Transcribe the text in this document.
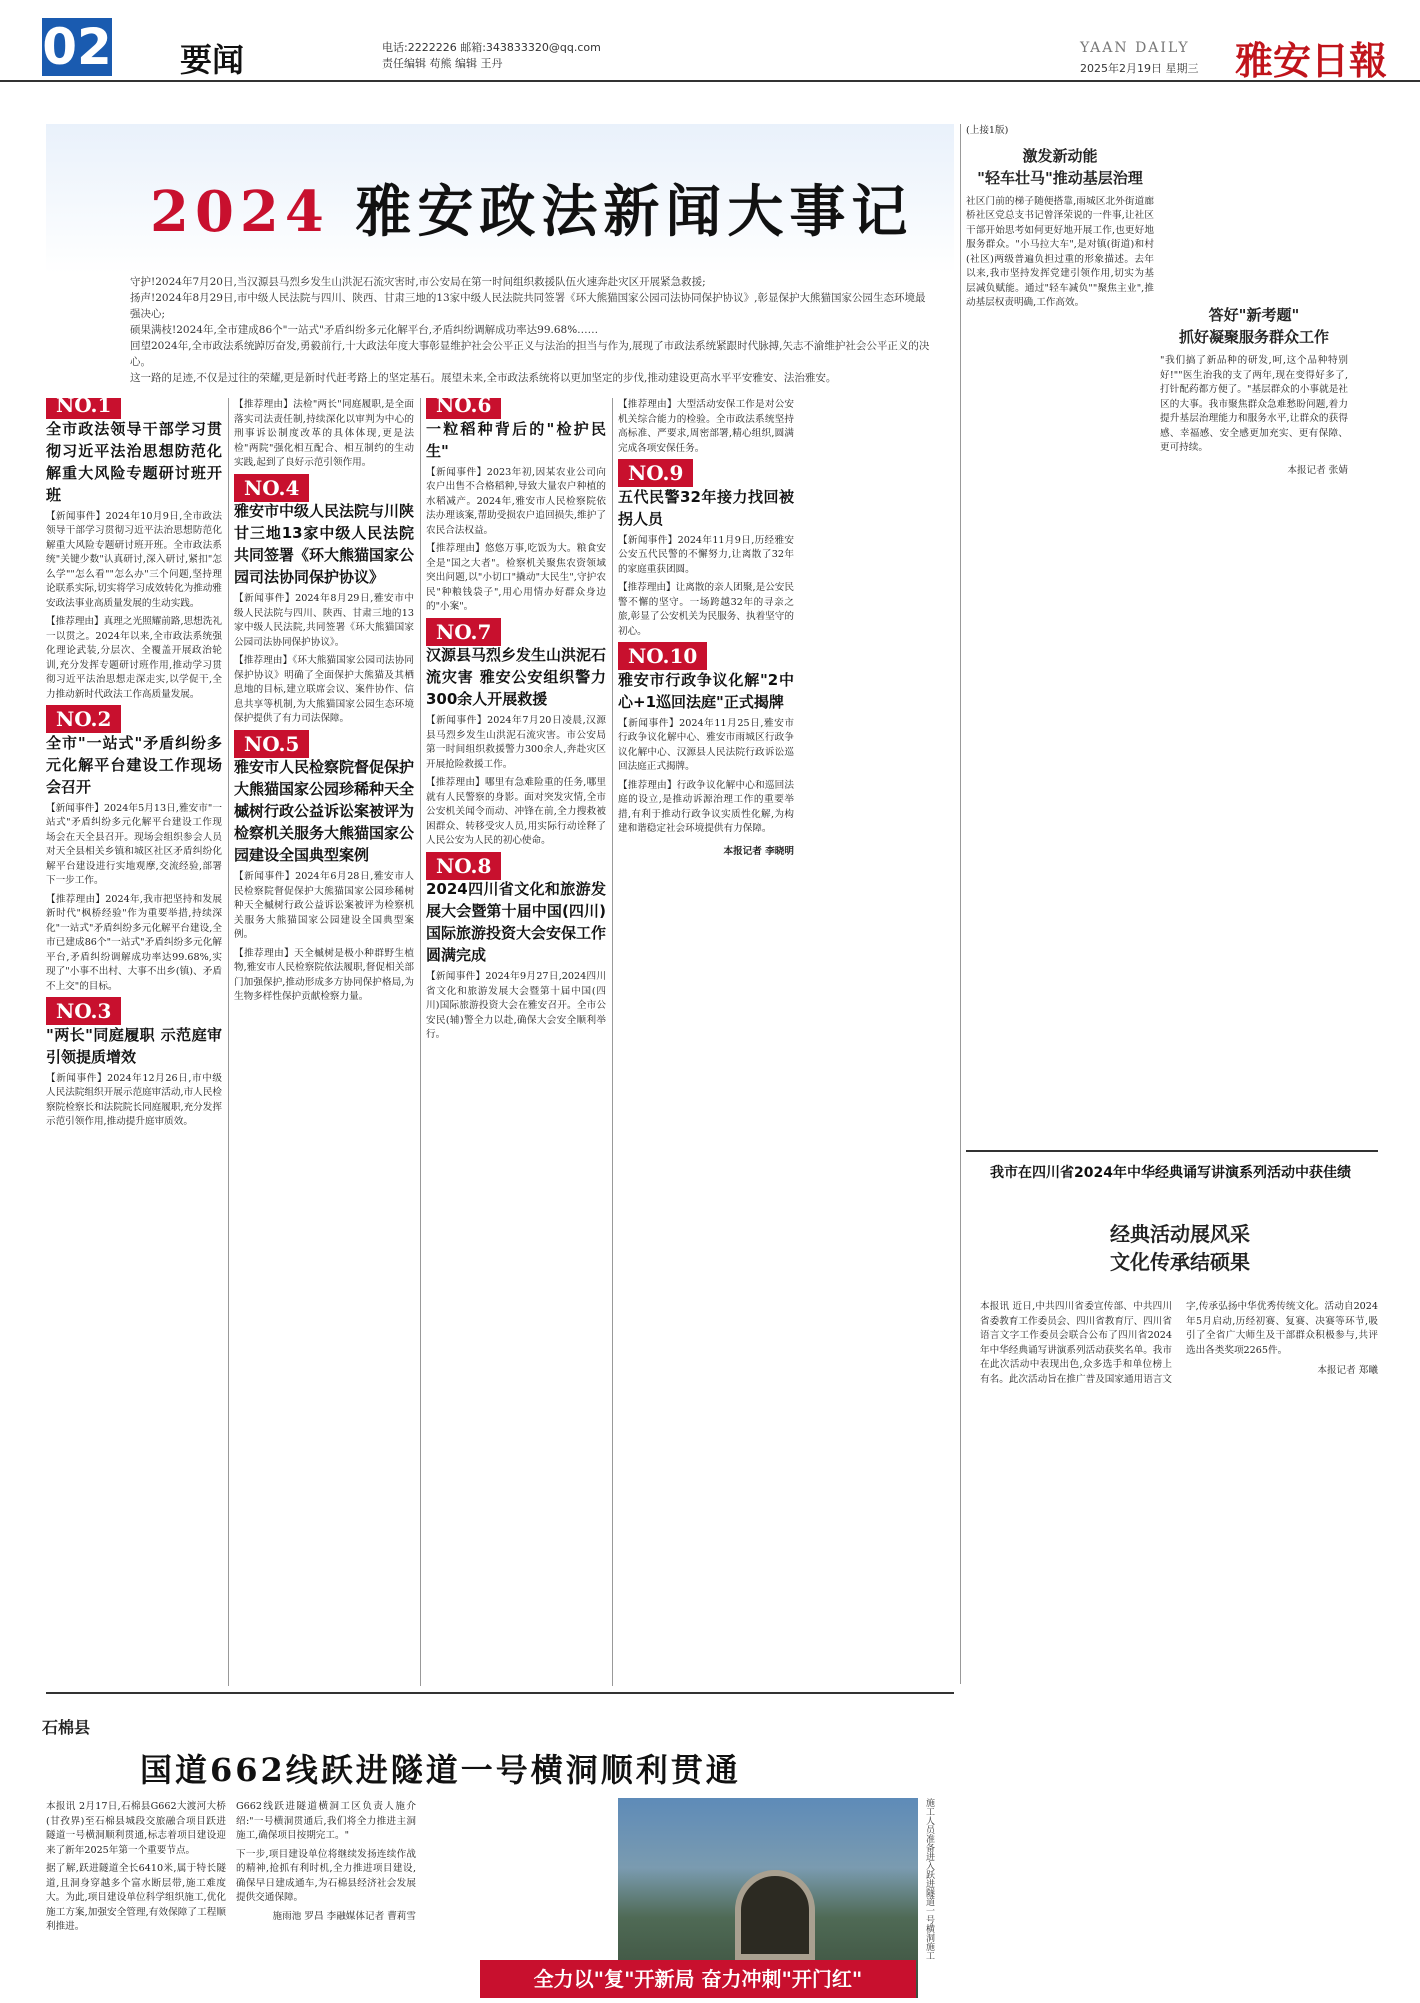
02 要闻	电话:2222226 邮箱:343833320@qq.com
责任编辑 苟熊 编辑 王丹
YAAN DAILY
2025年2月19日 星期三 雅安日報
2024 雅安政法新闻大事记

守护!2024年7月20日,当汉源县马烈乡发生山洪泥石流灾害时,市公安局在第一时间组织救援队伍火速奔赴灾区开展紧急救援;

扬声!2024年8月29日,市中级人民法院与四川、陕西、甘肃三地的13家中级人民法院共同签署《环大熊猫国家公园司法协同保护协议》,彰显保护大熊猫国家公园生态环境最强决心;

硕果满枝!2024年,全市建成86个"一站式"矛盾纠纷多元化解平台,矛盾纠纷调解成功率达99.68%……

回望2024年,全市政法系统踔厉奋发,勇毅前行,十大政法年度大事彰显维护社会公平正义与法治的担当与作为,展现了市政法系统紧跟时代脉搏,矢志不渝维护社会公平正义的决心。

这一路的足迹,不仅是过往的荣耀,更是新时代赶考路上的坚定基石。展望未来,全市政法系统将以更加坚定的步伐,推动建设更高水平平安雅安、法治雅安。

NO.1
全市政法领导干部学习贯彻习近平法治思想防范化解重大风险专题研讨班开班

【新闻事件】2024年10月9日,全市政法领导干部学习贯彻习近平法治思想防范化解重大风险专题研讨班开班。全市政法系统"关键少数"认真研讨,深入研讨,紧扣"怎么学""怎么看""怎么办"三个问题,坚持理论联系实际,切实将学习成效转化为推动雅安政法事业高质量发展的生动实践。

【推荐理由】真理之光照耀前路,思想洗礼一以贯之。2024年以来,全市政法系统强化理论武装,分层次、全覆盖开展政治轮训,充分发挥专题研讨班作用,推动学习贯彻习近平法治思想走深走实,以学促干,全力推动新时代政法工作高质量发展。

NO.2
全市"一站式"矛盾纠纷多元化解平台建设工作现场会召开

【新闻事件】2024年5月13日,雅安市"一站式"矛盾纠纷多元化解平台建设工作现场会在天全县召开。现场会组织参会人员对天全县相关乡镇和城区社区矛盾纠纷化解平台建设进行实地观摩,交流经验,部署下一步工作。

【推荐理由】2024年,我市把坚持和发展新时代"枫桥经验"作为重要举措,持续深化"一站式"矛盾纠纷多元化解平台建设,全市已建成86个"一站式"矛盾纠纷多元化解平台,矛盾纠纷调解成功率达99.68%,实现了"小事不出村、大事不出乡(镇)、矛盾不上交"的目标。

NO.3
"两长"同庭履职 示范庭审引领提质增效

【新闻事件】2024年12月26日,市中级人民法院组织开展示范庭审活动,市人民检察院检察长和法院院长同庭履职,充分发挥示范引领作用,推动提升庭审质效。

【推荐理由】法检"两长"同庭履职,是全面落实司法责任制,持续深化以审判为中心的刑事诉讼制度改革的具体体现,更是法检"两院"强化相互配合、相互制约的生动实践,起到了良好示范引领作用。

NO.4
雅安市中级人民法院与川陕甘三地13家中级人民法院共同签署《环大熊猫国家公园司法协同保护协议》

【新闻事件】2024年8月29日,雅安市中级人民法院与四川、陕西、甘肃三地的13家中级人民法院,共同签署《环大熊猫国家公园司法协同保护协议》。

【推荐理由】《环大熊猫国家公园司法协同保护协议》明确了全面保护大熊猫及其栖息地的目标,建立联席会议、案件协作、信息共享等机制,为大熊猫国家公园生态环境保护提供了有力司法保障。

NO.5
雅安市人民检察院督促保护大熊猫国家公园珍稀种天全槭树行政公益诉讼案被评为检察机关服务大熊猫国家公园建设全国典型案例

【新闻事件】2024年6月28日,雅安市人民检察院督促保护大熊猫国家公园珍稀树种天全槭树行政公益诉讼案被评为检察机关服务大熊猫国家公园建设全国典型案例。

【推荐理由】天全槭树是极小种群野生植物,雅安市人民检察院依法履职,督促相关部门加强保护,推动形成多方协同保护格局,为生物多样性保护贡献检察力量。

NO.6
一粒稻种背后的"检护民生"

【新闻事件】2023年初,因某农业公司向农户出售不合格稻种,导致大量农户种植的水稻减产。2024年,雅安市人民检察院依法办理该案,帮助受损农户追回损失,维护了农民合法权益。

【推荐理由】悠悠万事,吃饭为大。粮食安全是"国之大者"。检察机关聚焦农资领域突出问题,以"小切口"撬动"大民生",守护农民"种粮钱袋子",用心用情办好群众身边的"小案"。

NO.7
汉源县马烈乡发生山洪泥石流灾害 雅安公安组织警力300余人开展救援

【新闻事件】2024年7月20日凌晨,汉源县马烈乡发生山洪泥石流灾害。市公安局第一时间组织救援警力300余人,奔赴灾区开展抢险救援工作。

【推荐理由】哪里有急难险重的任务,哪里就有人民警察的身影。面对突发灾情,全市公安机关闻令而动、冲锋在前,全力搜救被困群众、转移受灾人员,用实际行动诠释了人民公安为人民的初心使命。

NO.8
2024四川省文化和旅游发展大会暨第十届中国(四川)国际旅游投资大会安保工作圆满完成

【新闻事件】2024年9月27日,2024四川省文化和旅游发展大会暨第十届中国(四川)国际旅游投资大会在雅安召开。全市公安民(辅)警全力以赴,确保大会安全顺利举行。

【推荐理由】大型活动安保工作是对公安机关综合能力的检验。全市政法系统坚持高标准、严要求,周密部署,精心组织,圆满完成各项安保任务。

NO.9
五代民警32年接力找回被拐人员

【新闻事件】2024年11月9日,历经雅安公安五代民警的不懈努力,让离散了32年的家庭重获团圆。

【推荐理由】让离散的亲人团聚,是公安民警不懈的坚守。一场跨越32年的寻亲之旅,彰显了公安机关为民服务、执着坚守的初心。

NO.10
雅安市行政争议化解"2中心+1巡回法庭"正式揭牌

【新闻事件】2024年11月25日,雅安市行政争议化解中心、雅安市雨城区行政争议化解中心、汉源县人民法院行政诉讼巡回法庭正式揭牌。

【推荐理由】行政争议化解中心和巡回法庭的设立,是推动诉源治理工作的重要举措,有利于推动行政争议实质性化解,为构建和谐稳定社会环境提供有力保障。

本报记者 李晓明
(上接1版)
激发新动能
"轻车壮马"推动基层治理

社区门前的梯子随便搭靠,雨城区北外街道廊桥社区党总支书记曾泽荣说的一件事,让社区干部开始思考如何更好地开展工作,也更好地服务群众。"小马拉大车",是对镇(街道)和村(社区)两级普遍负担过重的形象描述。去年以来,我市坚持发挥党建引领作用,切实为基层减负赋能。通过"轻车减负""聚焦主业",推动基层权责明确,工作高效。

答好"新考题"
抓好凝聚服务群众工作

"我们搞了新品种的研发,呵,这个品种特别好!""医生治我的支了两年,现在变得好多了,打针配药都方便了。"基层群众的小事就是社区的大事。我市聚焦群众急难愁盼问题,着力提升基层治理能力和服务水平,让群众的获得感、幸福感、安全感更加充实、更有保障、更可持续。

本报记者 张婧
我市在四川省2024年中华经典诵写讲演系列活动中获佳绩
经典活动展风采
文化传承结硕果

本报讯 近日,中共四川省委宣传部、中共四川省委教育工作委员会、四川省教育厅、四川省语言文字工作委员会联合公布了四川省2024年中华经典诵写讲演系列活动获奖名单。我市在此次活动中表现出色,众多选手和单位榜上有名。此次活动旨在推广普及国家通用语言文字,传承弘扬中华优秀传统文化。活动自2024年5月启动,历经初赛、复赛、决赛等环节,吸引了全省广大师生及干部群众积极参与,共评选出各类奖项2265件。

本报记者 郑曦

石棉县
国道662线跃进隧道一号横洞顺利贯通

本报讯 2月17日,石棉县G662大渡河大桥(甘孜界)至石棉县城段交旅融合项目跃进隧道一号横洞顺利贯通,标志着项目建设迎来了新年2025年第一个重要节点。

据了解,跃进隧道全长6410米,属于特长隧道,且洞身穿越多个富水断层带,施工难度大。为此,项目建设单位科学组织施工,优化施工方案,加强安全管理,有效保障了工程顺利推进。

G662线跃进隧道横洞工区负责人施介绍:"一号横洞贯通后,我们将全力推进主洞施工,确保项目按期完工。"

下一步,项目建设单位将继续发扬连续作战的精神,抢抓有利时机,全力推进项目建设,确保早日建成通车,为石棉县经济社会发展提供交通保障。

施雨池 罗昌 李融媒体记者 曹莉雪

全力以"复"开新局 奋力冲刺"开门红"
施工人员准备进入跃进隧道一号横洞施工
